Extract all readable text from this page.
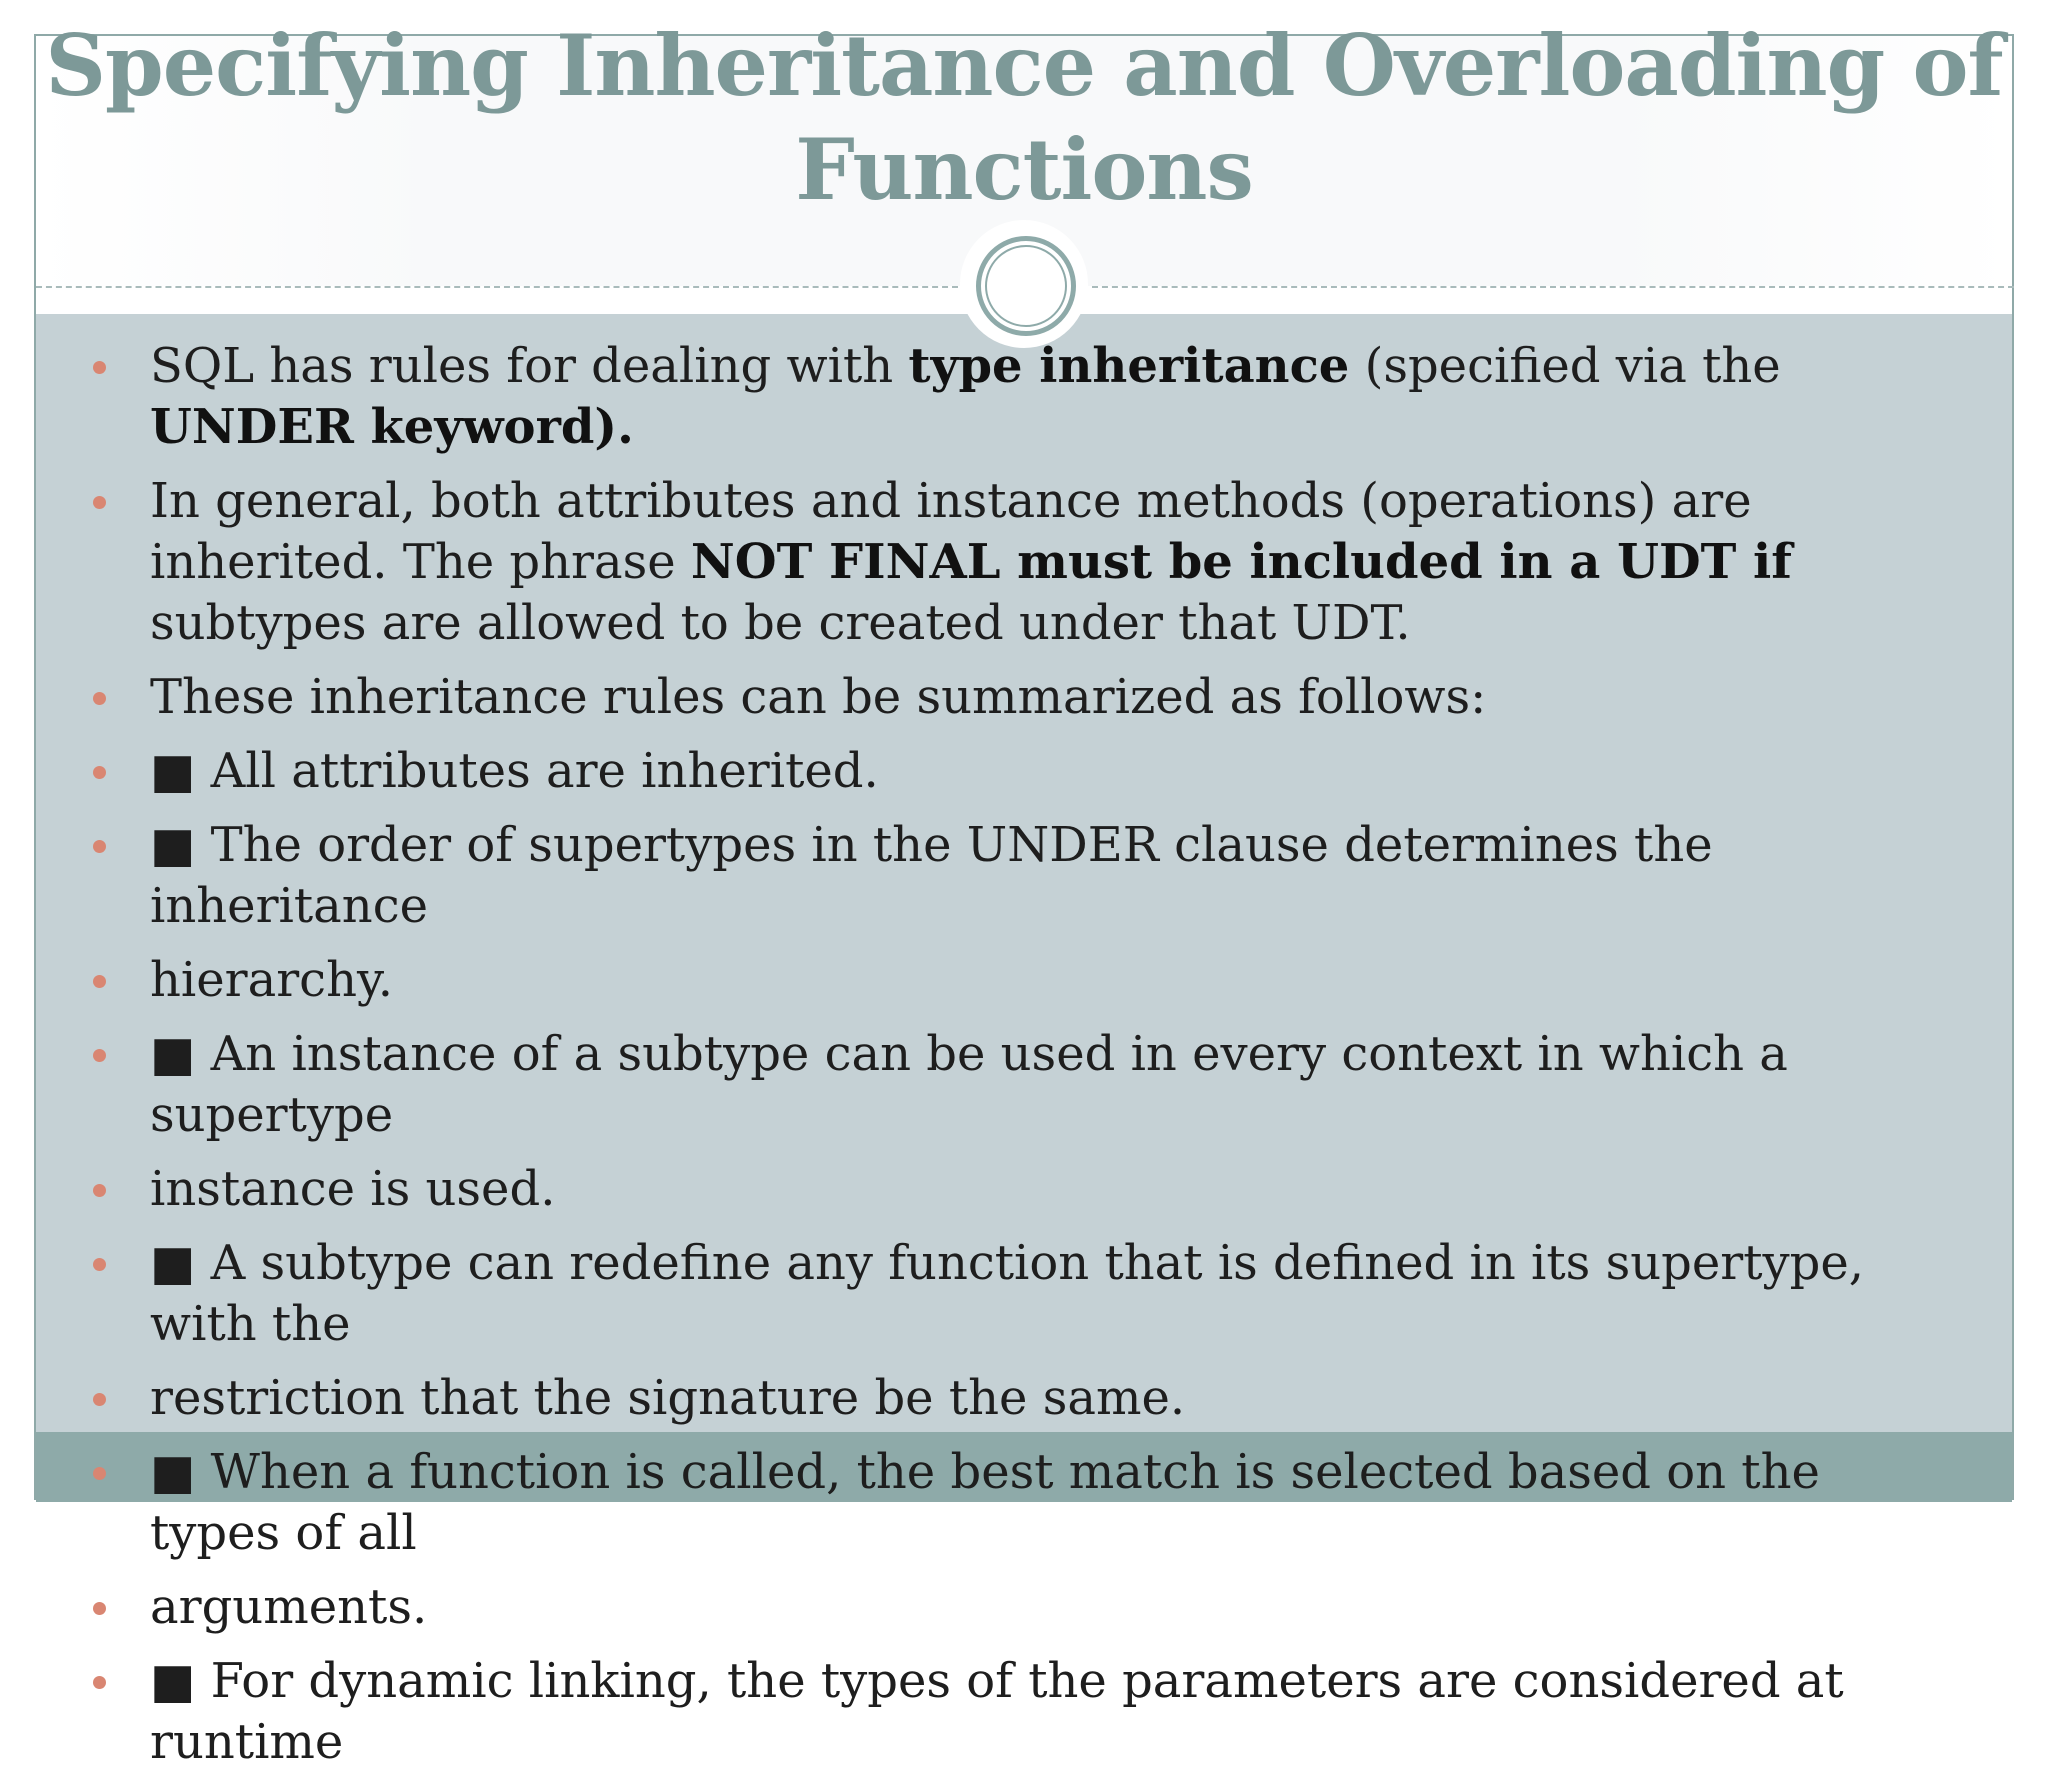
Specifying Inheritance and Overloading of Functions
SQL has rules for dealing with type inheritance (specified via the UNDER keyword).
In general, both attributes and instance methods (operations) are inherited. The phrase NOT FINAL must be included in a UDT if subtypes are allowed to be created under that UDT.
These inheritance rules can be summarized as follows:
■ All attributes are inherited.
■ The order of supertypes in the UNDER clause determines the inheritance
hierarchy.
■ An instance of a subtype can be used in every context in which a supertype
instance is used.
■ A subtype can redefine any function that is defined in its supertype, with the
restriction that the signature be the same.
■ When a function is called, the best match is selected based on the types of all
arguments.
■ For dynamic linking, the types of the parameters are considered at runtime
